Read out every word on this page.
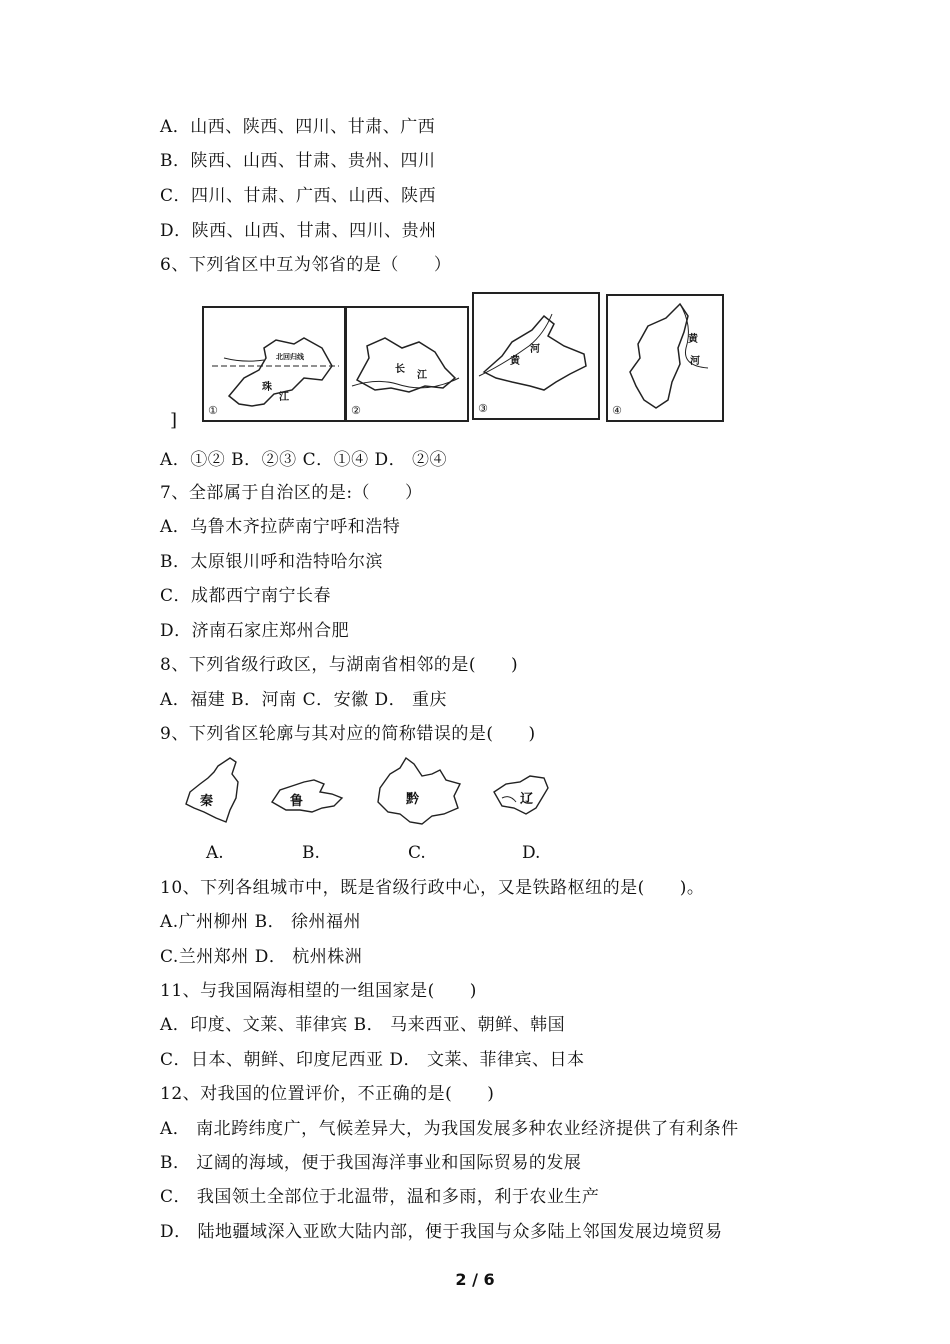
A．山西、陕西、四川、甘肃、广西
B．陕西、山西、甘肃、贵州、四川
C．四川、甘肃、广西、山西、陕西
D．陕西、山西、甘肃、四川、贵州
6、下列省区中互为邻省的是（　　）
北回归线
珠
江
①
长
江
②
黄
河
③
黄
河
④
]
A．①② B．②③ C．①④ D． ②④
7、全部属于自治区的是:（　　）
A．乌鲁木齐拉萨南宁呼和浩特
B．太原银川呼和浩特哈尔滨
C．成都西宁南宁长春
D．济南石家庄郑州合肥
8、下列省级行政区，与湖南省相邻的是(　　)
A．福建 B．河南 C．安徽 D． 重庆
9、下列省区轮廓与其对应的简称错误的是(　　)
秦	鲁	黔	辽
A.	B.	C.	D.
10、下列各组城市中，既是省级行政中心，又是铁路枢纽的是(　　)。
A.广州柳州 B． 徐州福州
C.兰州郑州 D． 杭州株洲
11、与我国隔海相望的一组国家是(　　)
A．印度、文莱、菲律宾 B． 马来西亚、朝鲜、韩国
C．日本、朝鲜、印度尼西亚 D． 文莱、菲律宾、日本
12、对我国的位置评价，不正确的是(　　)
A． 南北跨纬度广，气候差异大，为我国发展多种农业经济提供了有利条件
B． 辽阔的海域，便于我国海洋事业和国际贸易的发展
C． 我国领土全部位于北温带，温和多雨，利于农业生产
D． 陆地疆域深入亚欧大陆内部，便于我国与众多陆上邻国发展边境贸易
2 / 6
